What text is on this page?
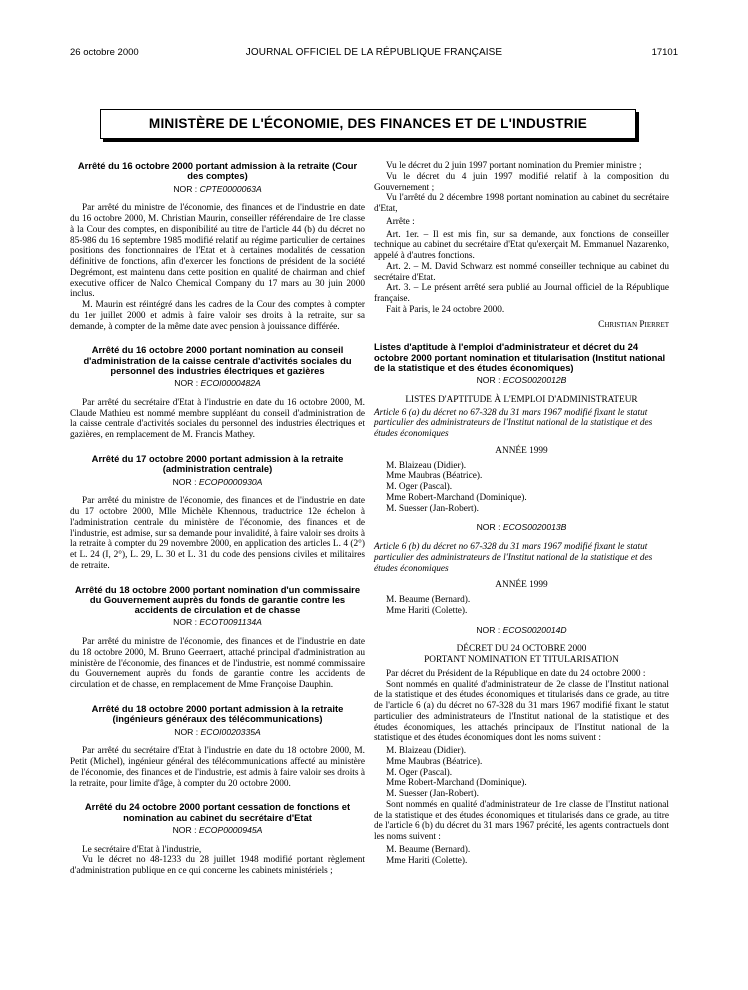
26 octobre 2000	JOURNAL OFFICIEL DE LA RÉPUBLIQUE FRANÇAISE	17101
MINISTÈRE DE L'ÉCONOMIE, DES FINANCES ET DE L'INDUSTRIE
Arrêté du 16 octobre 2000 portant admission à la retraite (Cour des comptes)
NOR : CPTE0000063A

Par arrêté du ministre de l'économie, des finances et de l'industrie en date du 16 octobre 2000, M. Christian Maurin, conseiller référendaire de 1re classe à la Cour des comptes, en disponibilité au titre de l'article 44 (b) du décret no 85-986 du 16 septembre 1985 modifié relatif au régime particulier de certaines positions des fonctionnaires de l'Etat et à certaines modalités de cessation définitive de fonctions, afin d'exercer les fonctions de président de la société Degrémont, est maintenu dans cette position en qualité de chairman and chief executive officer de Nalco Chemical Company du 17 mars au 30 juin 2000 inclus.

M. Maurin est réintégré dans les cadres de la Cour des comptes à compter du 1er juillet 2000 et admis à faire valoir ses droits à la retraite, sur sa demande, à compter de la même date avec pension à jouissance différée.

Arrêté du 16 octobre 2000 portant nomination au conseil d'administration de la caisse centrale d'activités sociales du personnel des industries électriques et gazières
NOR : ECOI0000482A

Par arrêté du secrétaire d'Etat à l'industrie en date du 16 octobre 2000, M. Claude Mathieu est nommé membre suppléant du conseil d'administration de la caisse centrale d'activités sociales du personnel des industries électriques et gazières, en remplacement de M. Francis Mathey.

Arrêté du 17 octobre 2000 portant admission à la retraite (administration centrale)
NOR : ECOP0000930A

Par arrêté du ministre de l'économie, des finances et de l'industrie en date du 17 octobre 2000, Mlle Michèle Khennous, traductrice 12e échelon à l'administration centrale du ministère de l'économie, des finances et de l'industrie, est admise, sur sa demande pour invalidité, à faire valoir ses droits à la retraite à compter du 29 novembre 2000, en application des articles L. 4 (2°) et L. 24 (I, 2°), L. 29, L. 30 et L. 31 du code des pensions civiles et militaires de retraite.

Arrêté du 18 octobre 2000 portant nomination d'un commissaire du Gouvernement auprès du fonds de garantie contre les accidents de circulation et de chasse
NOR : ECOT0091134A

Par arrêté du ministre de l'économie, des finances et de l'industrie en date du 18 octobre 2000, M. Bruno Geerraert, attaché principal d'administration au ministère de l'économie, des finances et de l'industrie, est nommé commissaire du Gouvernement auprès du fonds de garantie contre les accidents de circulation et de chasse, en remplacement de Mme Françoise Dauphin.

Arrêté du 18 octobre 2000 portant admission à la retraite (ingénieurs généraux des télécommunications)
NOR : ECOI0020335A

Par arrêté du secrétaire d'Etat à l'industrie en date du 18 octobre 2000, M. Petit (Michel), ingénieur général des télécommunications affecté au ministère de l'économie, des finances et de l'industrie, est admis à faire valoir ses droits à la retraite, pour limite d'âge, à compter du 20 octobre 2000.

Arrêté du 24 octobre 2000 portant cessation de fonctions et nomination au cabinet du secrétaire d'Etat
NOR : ECOP0000945A

Le secrétaire d'Etat à l'industrie,

Vu le décret no 48-1233 du 28 juillet 1948 modifié portant règlement d'administration publique en ce qui concerne les cabinets ministériels ;

Vu le décret du 2 juin 1997 portant nomination du Premier ministre ;

Vu le décret du 4 juin 1997 modifié relatif à la composition du Gouvernement ;

Vu l'arrêté du 2 décembre 1998 portant nomination au cabinet du secrétaire d'Etat,

Arrête :

Art. 1er. – Il est mis fin, sur sa demande, aux fonctions de conseiller technique au cabinet du secrétaire d'Etat qu'exerçait M. Emmanuel Nazarenko, appelé à d'autres fonctions.

Art. 2. – M. David Schwarz est nommé conseiller technique au cabinet du secrétaire d'Etat.

Art. 3. – Le présent arrêté sera publié au Journal officiel de la République française.

Fait à Paris, le 24 octobre 2000.

Christian Pierret
Listes d'aptitude à l'emploi d'administrateur et décret du 24 octobre 2000 portant nomination et titularisation (Institut national de la statistique et des études économiques)
NOR : ECOS0020012B

LISTES D'APTITUDE À L'EMPLOI D'ADMINISTRATEUR

Article 6 (a) du décret no 67-328 du 31 mars 1967 modifié fixant le statut particulier des administrateurs de l'Institut national de la statistique et des études économiques

ANNÉE 1999

M. Blaizeau (Didier).
Mme Maubras (Béatrice).
M. Oger (Pascal).
Mme Robert-Marchand (Dominique).
M. Suesser (Jan-Robert).
NOR : ECOS0020013B

Article 6 (b) du décret no 67-328 du 31 mars 1967 modifié fixant le statut particulier des administrateurs de l'Institut national de la statistique et des études économiques

ANNÉE 1999

M. Beaume (Bernard).
Mme Hariti (Colette).
NOR : ECOS0020014D

DÉCRET DU 24 OCTOBRE 2000

PORTANT NOMINATION ET TITULARISATION

Par décret du Président de la République en date du 24 octobre 2000 :

Sont nommés en qualité d'administrateur de 2e classe de l'Institut national de la statistique et des études économiques et titularisés dans ce grade, au titre de l'article 6 (a) du décret no 67-328 du 31 mars 1967 modifié fixant le statut particulier des administrateurs de l'Institut national de la statistique et des études économiques, les attachés principaux de l'Institut national de la statistique et des études économiques dont les noms suivent :

M. Blaizeau (Didier).
Mme Maubras (Béatrice).
M. Oger (Pascal).
Mme Robert-Marchand (Dominique).
M. Suesser (Jan-Robert).

Sont nommés en qualité d'administrateur de 1re classe de l'Institut national de la statistique et des études économiques et titularisés dans ce grade, au titre de l'article 6 (b) du décret du 31 mars 1967 précité, les agents contractuels dont les noms suivent :

M. Beaume (Bernard).
Mme Hariti (Colette).
